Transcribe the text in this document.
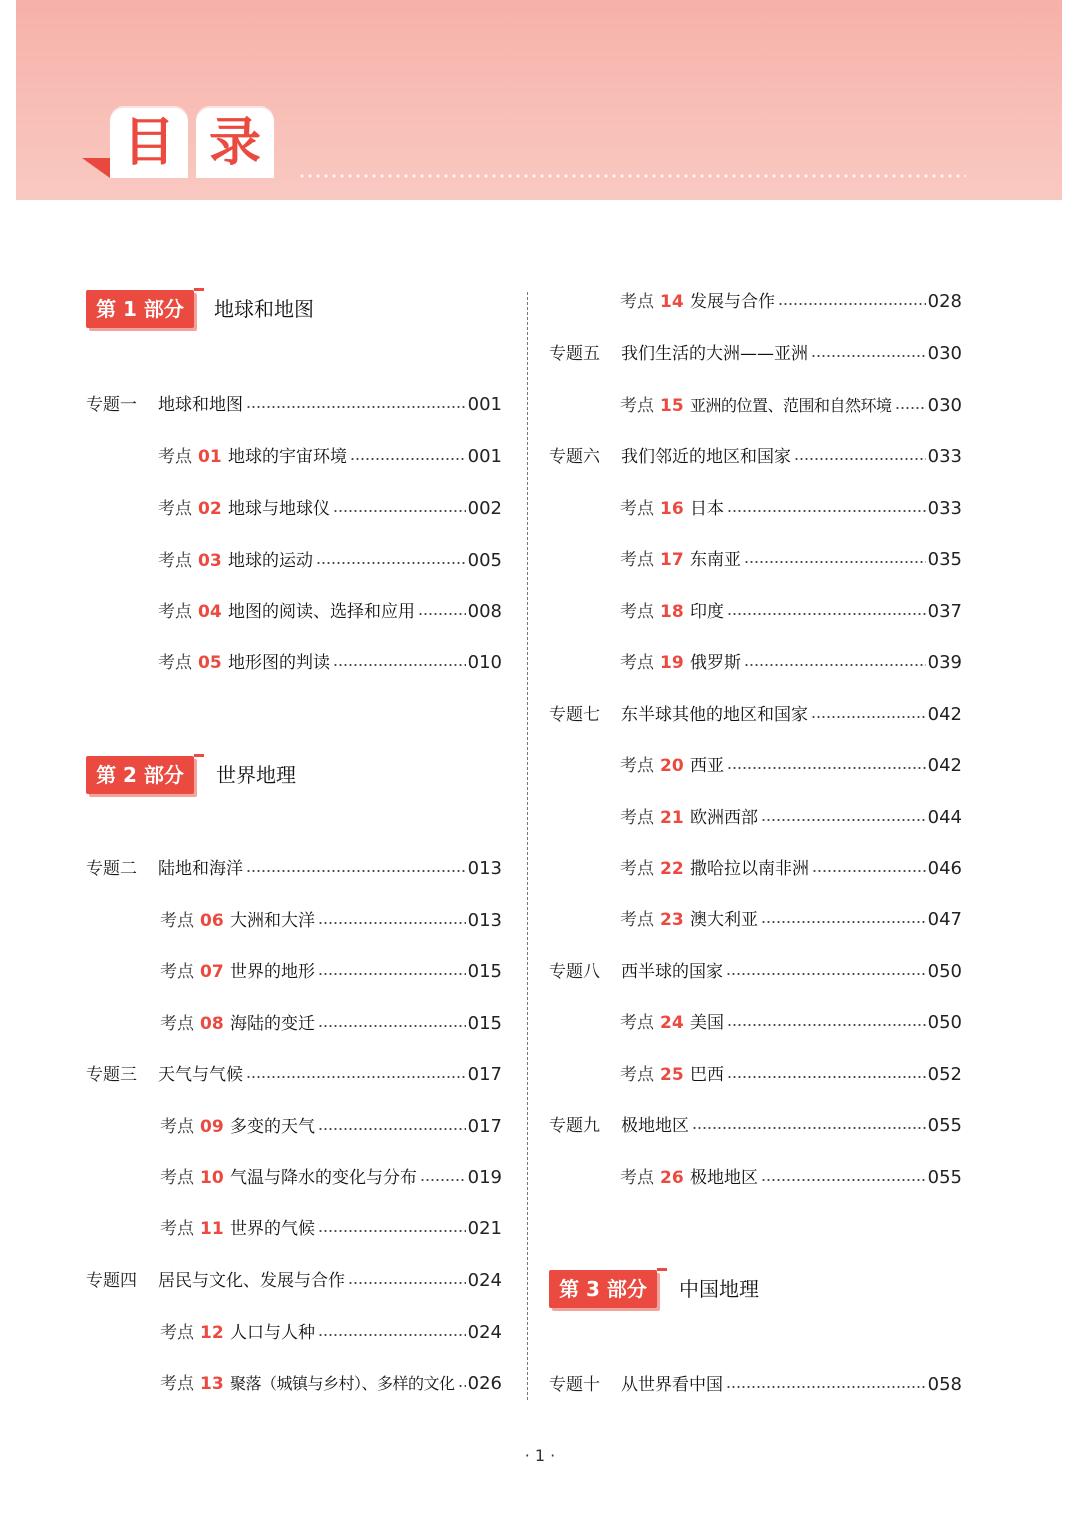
目 录
第 1 部分	地球和地图
专题一	地球和地图	001
考点 01 地球的宇宙环境	001
考点 02 地球与地球仪	002
考点 03 地球的运动	005
考点 04 地图的阅读、选择和应用	008
考点 05 地形图的判读	010
第 2 部分	世界地理
专题二	陆地和海洋	013
考点 06 大洲和大洋	013
考点 07 世界的地形	015
考点 08 海陆的变迁	015
专题三	天气与气候	017
考点 09 多变的天气	017
考点 10 气温与降水的变化与分布	019
考点 11 世界的气候	021
专题四	居民与文化、发展与合作	024
考点 12 人口与人种	024
考点 13 聚落（城镇与乡村）、多样的文化 026
考点 14 发展与合作	028
专题五	我们生活的大洲——亚洲	030
考点 15 亚洲的位置、范围和自然环境 030
专题六	我们邻近的地区和国家	033
考点 16 日本	033
考点 17 东南亚	035
考点 18 印度	037
考点 19 俄罗斯	039
专题七	东半球其他的地区和国家	042
考点 20 西亚	042
考点 21 欧洲西部	044
考点 22 撒哈拉以南非洲	046
考点 23 澳大利亚	047
专题八	西半球的国家	050
考点 24 美国	050
考点 25 巴西	052
专题九	极地地区	055
考点 26 极地地区	055
第 3 部分	中国地理
专题十	从世界看中国	058
· 1 ·
